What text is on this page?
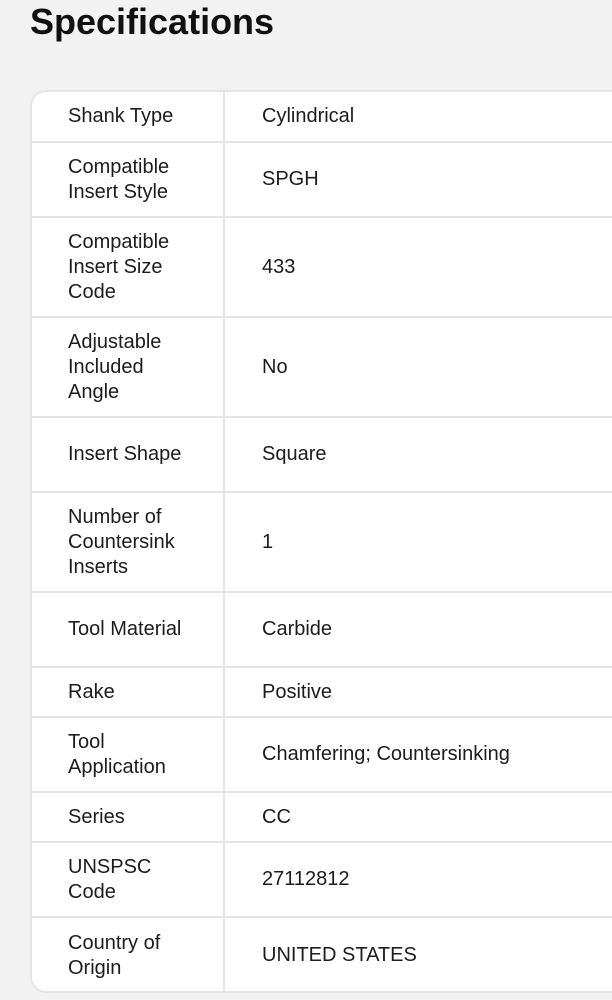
Specifications
Shank Type	Cylindrical

Compatible Insert Style	SPGH

Compatible Insert Size Code	433

Adjustable Included Angle	No

Insert Shape	Square

Number of Countersink Inserts	1

Tool Material	Carbide

Rake	Positive

Tool Application	Chamfering; Countersinking

Series	CC

UNSPSC Code	27112812

Country of Origin	UNITED STATES
